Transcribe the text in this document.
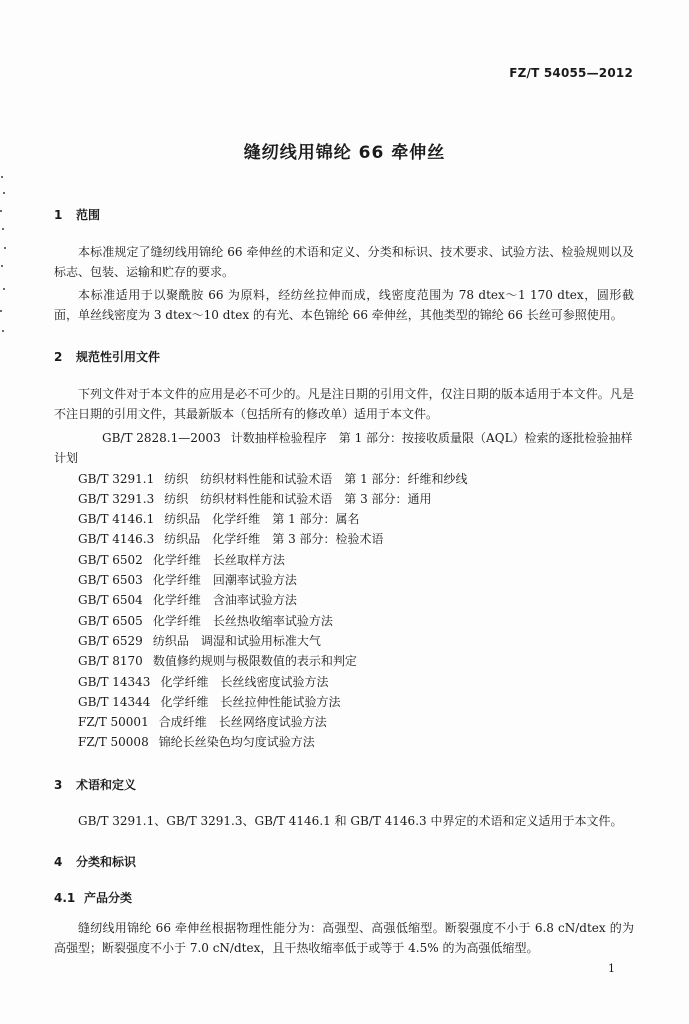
FZ/T 54055—2012
缝纫线用锦纶 66 牵伸丝
1 范围
本标准规定了缝纫线用锦纶 66 牵伸丝的术语和定义、分类和标识、技术要求、试验方法、检验规则以及标志、包装、运输和贮存的要求。
本标准适用于以聚酰胺 66 为原料，经纺丝拉伸而成，线密度范围为 78 dtex～1 170 dtex，圆形截面，单丝线密度为 3 dtex～10 dtex 的有光、本色锦纶 66 牵伸丝，其他类型的锦纶 66 长丝可参照使用。
2 规范性引用文件
下列文件对于本文件的应用是必不可少的。凡是注日期的引用文件，仅注日期的版本适用于本文件。凡是不注日期的引用文件，其最新版本（包括所有的修改单）适用于本文件。
GB/T 2828.1—2003 计数抽样检验程序　第 1 部分：按接收质量限（AQL）检索的逐批检验抽样计划
GB/T 3291.1 纺织　纺织材料性能和试验术语　第 1 部分：纤维和纱线
GB/T 3291.3 纺织　纺织材料性能和试验术语　第 3 部分：通用
GB/T 4146.1 纺织品　化学纤维　第 1 部分：属名
GB/T 4146.3 纺织品　化学纤维　第 3 部分：检验术语
GB/T 6502 化学纤维　长丝取样方法
GB/T 6503 化学纤维　回潮率试验方法
GB/T 6504 化学纤维　含油率试验方法
GB/T 6505 化学纤维　长丝热收缩率试验方法
GB/T 6529 纺织品　调湿和试验用标准大气
GB/T 8170 数值修约规则与极限数值的表示和判定
GB/T 14343 化学纤维　长丝线密度试验方法
GB/T 14344 化学纤维　长丝拉伸性能试验方法
FZ/T 50001 合成纤维　长丝网络度试验方法
FZ/T 50008 锦纶长丝染色均匀度试验方法
3 术语和定义
GB/T 3291.1、GB/T 3291.3、GB/T 4146.1 和 GB/T 4146.3 中界定的术语和定义适用于本文件。
4 分类和标识
4.1 产品分类
缝纫线用锦纶 66 牵伸丝根据物理性能分为：高强型、高强低缩型。断裂强度不小于 6.8 cN/dtex 的为高强型；断裂强度不小于 7.0 cN/dtex，且干热收缩率低于或等于 4.5% 的为高强低缩型。
1
